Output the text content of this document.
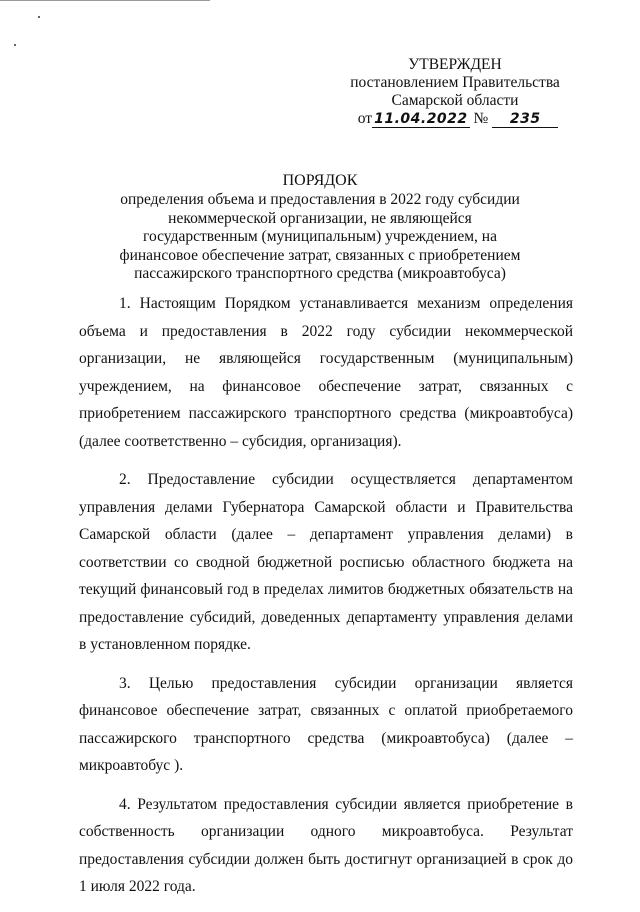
УТВЕРЖДЕН
постановлением Правительства
Самарской области
от 11.04.2022 № 235
ПОРЯДОК
определения объема и предоставления в 2022 году субсидии некоммерческой организации, не являющейся государственным (муниципальным) учреждением, на финансовое обеспечение затрат, связанных с приобретением пассажирского транспортного средства (микроавтобуса)

1. Настоящим Порядком устанавливается механизм определения объема и предоставления в 2022 году субсидии некоммерческой организации, не являющейся государственным (муниципальным) учреждением, на финансовое обеспечение затрат, связанных с приобретением пассажирского транспортного средства (микроавтобуса) (далее соответственно – субсидия, организация).

2. Предоставление субсидии осуществляется департаментом управления делами Губернатора Самарской области и Правительства Самарской области (далее – департамент управления делами) в соответствии со сводной бюджетной росписью областного бюджета на текущий финансовый год в пределах лимитов бюджетных обязательств на предоставление субсидий, доведенных департаменту управления делами в установленном порядке.

3. Целью предоставления субсидии организации является финансовое обеспечение затрат, связанных с оплатой приобретаемого пассажирского транспортного средства (микроавтобуса) (далее – микроавтобус ).

4. Результатом предоставления субсидии является приобретение в собственность организации одного микроавтобуса. Результат предоставления субсидии должен быть достигнут организацией в срок до 1 июля 2022 года.
